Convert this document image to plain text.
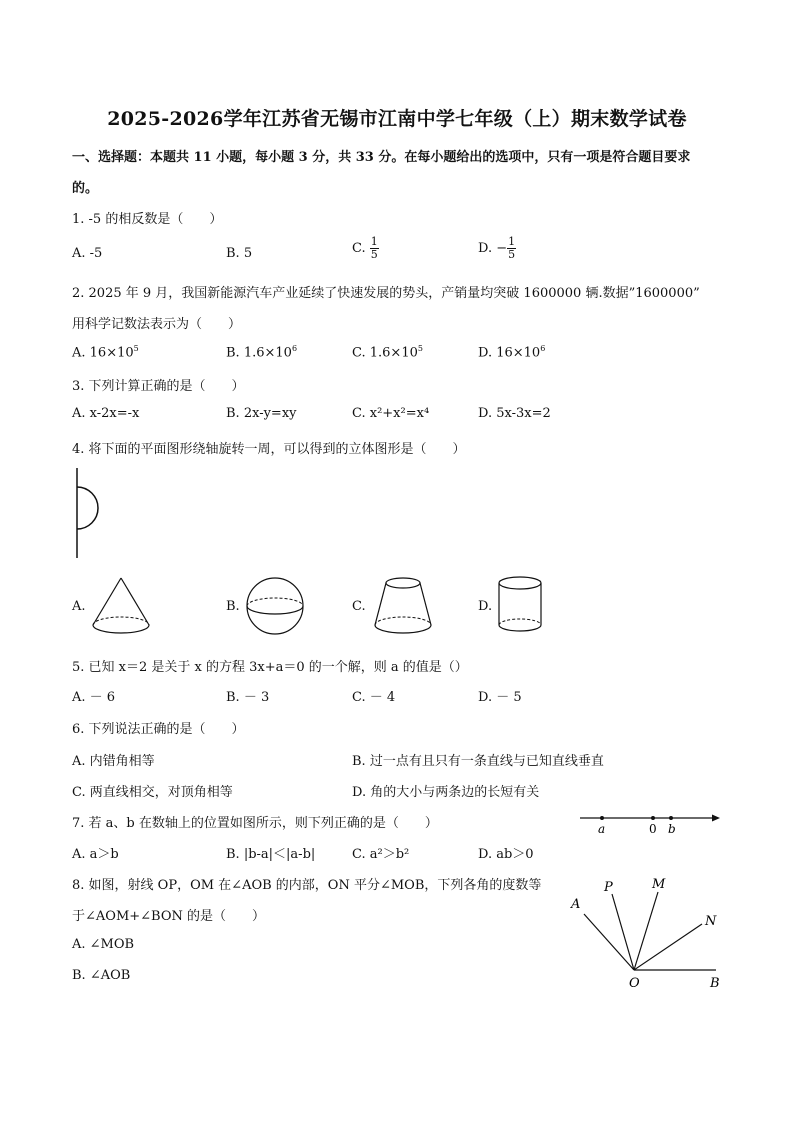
2025-2026学年江苏省无锡市江南中学七年级（上）期末数学试卷
一、选择题：本题共 11 小题，每小题 3 分，共 33 分。在每小题给出的选项中，只有一项是符合题目要求
的。
1. -5 的相反数是（　　）
A. -5	B. 5	C. $\frac{1}{5}$	D. − $\frac{1}{5}$
2. 2025 年 9 月，我国新能源汽车产业延续了快速发展的势头，产销量均突破 1600000 辆.数据”1600000”
用科学记数法表示为（　　）
A. $16\times 10^5$	B. $1.6\times 10^6$	C. $1.6\times 10^5$	D. $16\times 10^6$
3. 下列计算正确的是（　　）
A. x-2x=-x	B. 2x-y=xy	C. x²+x²=x⁴	D. 5x-3x=2
4. 将下面的平面图形绕轴旋转一周，可以得到的立体图形是（　　）
A.	B.	C.	D.
5. 已知 x＝2 是关于 x 的方程 3x+a＝0 的一个解，则 a 的值是（）
A. － 6	B. － 3	C. － 4	D. － 5
6. 下列说法正确的是（　　）
A. 内错角相等	B. 过一点有且只有一条直线与已知直线垂直
C. 两直线相交，对顶角相等	D. 角的大小与两条边的长短有关
7. 若 a、b 在数轴上的位置如图所示，则下列正确的是（　　）
A. a＞b	B. |b-a|＜|a-b|	C. a²＞b²	D. ab＞0
a	0 b
8. 如图，射线 OP，OM 在∠AOB 的内部，ON 平分∠MOB，下列各角的度数等
于∠AOM+∠BON 的是（　　）
A. ∠MOB
B. ∠AOB
P	M
A
N
O	B
